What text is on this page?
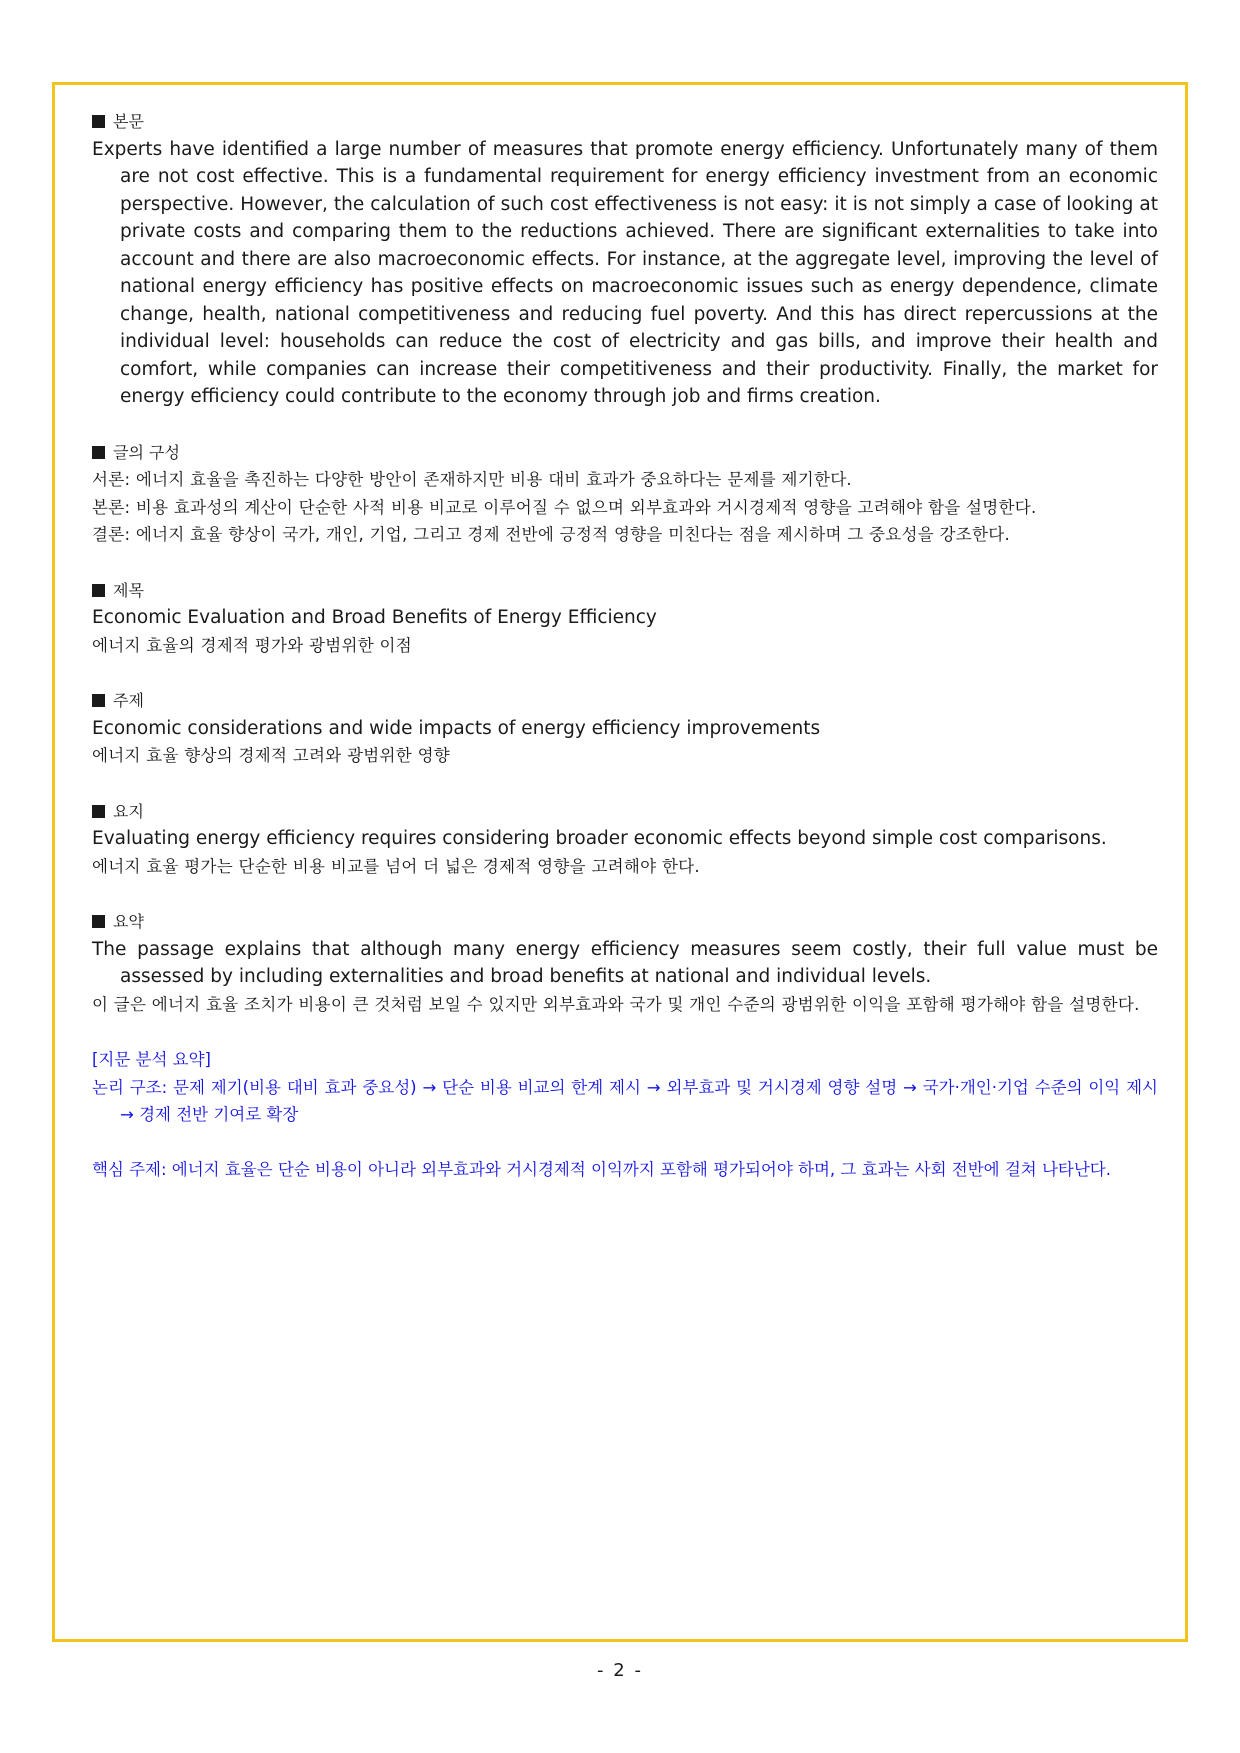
본문

Experts have identified a large number of measures that promote energy efficiency. Unfortunately many of them are not cost effective. This is a fundamental requirement for energy efficiency investment from an economic perspective. However, the calculation of such cost effectiveness is not easy: it is not simply a case of looking at private costs and comparing them to the reductions achieved. There are significant externalities to take into account and there are also macroeconomic effects. For instance, at the aggregate level, improving the level of national energy efficiency has positive effects on macroeconomic issues such as energy dependence, climate change, health, national competitiveness and reducing fuel poverty. And this has direct repercussions at the individual level: households can reduce the cost of electricity and gas bills, and improve their health and comfort, while companies can increase their competitiveness and their productivity. Finally, the market for energy efficiency could contribute to the economy through job and firms creation.

글의 구성

서론: 에너지 효율을 촉진하는 다양한 방안이 존재하지만 비용 대비 효과가 중요하다는 문제를 제기한다.

본론: 비용 효과성의 계산이 단순한 사적 비용 비교로 이루어질 수 없으며 외부효과와 거시경제적 영향을 고려해야 함을 설명한다.

결론: 에너지 효율 향상이 국가, 개인, 기업, 그리고 경제 전반에 긍정적 영향을 미친다는 점을 제시하며 그 중요성을 강조한다.

제목

Economic Evaluation and Broad Benefits of Energy Efficiency

에너지 효율의 경제적 평가와 광범위한 이점

주제

Economic considerations and wide impacts of energy efficiency improvements

에너지 효율 향상의 경제적 고려와 광범위한 영향

요지

Evaluating energy efficiency requires considering broader economic effects beyond simple cost comparisons.

에너지 효율 평가는 단순한 비용 비교를 넘어 더 넓은 경제적 영향을 고려해야 한다.

요약

The passage explains that although many energy efficiency measures seem costly, their full value must be assessed by including externalities and broad benefits at national and individual levels.

이 글은 에너지 효율 조치가 비용이 큰 것처럼 보일 수 있지만 외부효과와 국가 및 개인 수준의 광범위한 이익을 포함해 평가해야 함을 설명한다.

[지문 분석 요약]

논리 구조: 문제 제기(비용 대비 효과 중요성) → 단순 비용 비교의 한계 제시 → 외부효과 및 거시경제 영향 설명 → 국가·개인·기업 수준의 이익 제시 → 경제 전반 기여로 확장

핵심 주제: 에너지 효율은 단순 비용이 아니라 외부효과와 거시경제적 이익까지 포함해 평가되어야 하며, 그 효과는 사회 전반에 걸쳐 나타난다.

- 2 -
